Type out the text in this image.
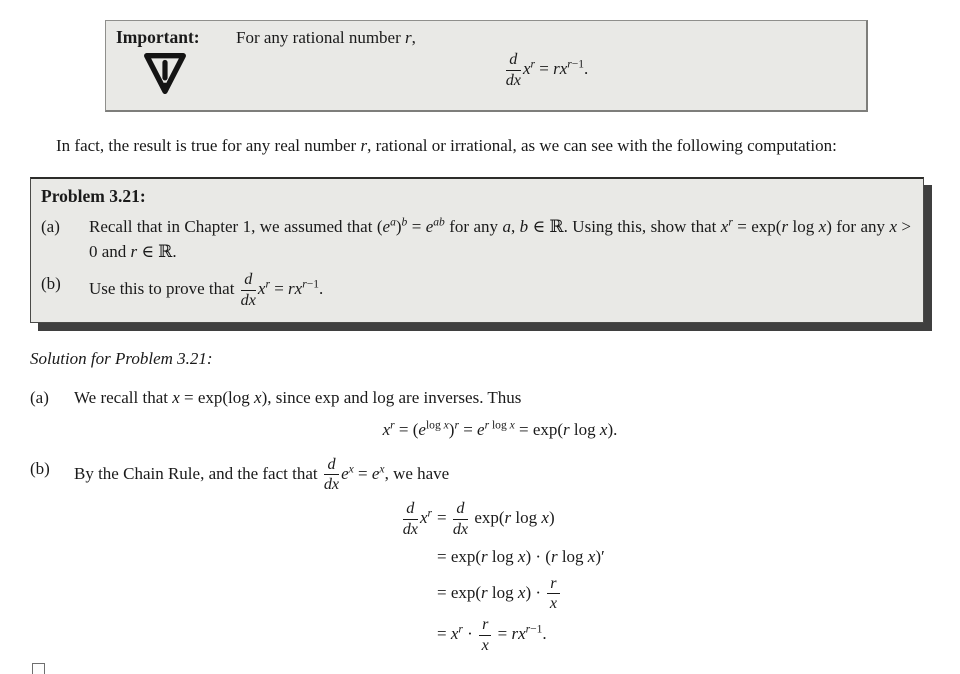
Important:	For any rational number r,
$\frac{d}{dx} x^r = rx^{r-1}$.

In fact, the result is true for any real number r, rational or irrational, as we can see with the following computation:

Problem 3.21:
(a)	Recall that in Chapter 1, we assumed that $(e^a)^b = e^{ab}$ for any a, b ∈ ℝ. Using this, show that $x^r = \exp(r$ log x) for any x > 0 and r ∈ ℝ.
(b)	Use this to prove that $\frac{d}{dx} x^r = rx^{r-1}$.
Solution for Problem 3.21:
(a)	We recall that x = exp(log x), since exp and log are inverses. Thus
$x^r = (e^{log x})^r = e^{r log x} = \exp(r$ log x).
(b)	By the Chain Rule, and the fact that $\frac{d}{dx} e^x = e^x$, we have
$\frac{d}{dx} x^r = \frac{d}{dx} \exp(r$ log x)
= exp(r log x) · (r log x)′
= exp(r $\log x) \cdot \frac{r}{x}$
= $x^r \cdot \frac{r}{x} = rx^{r-1}$.
